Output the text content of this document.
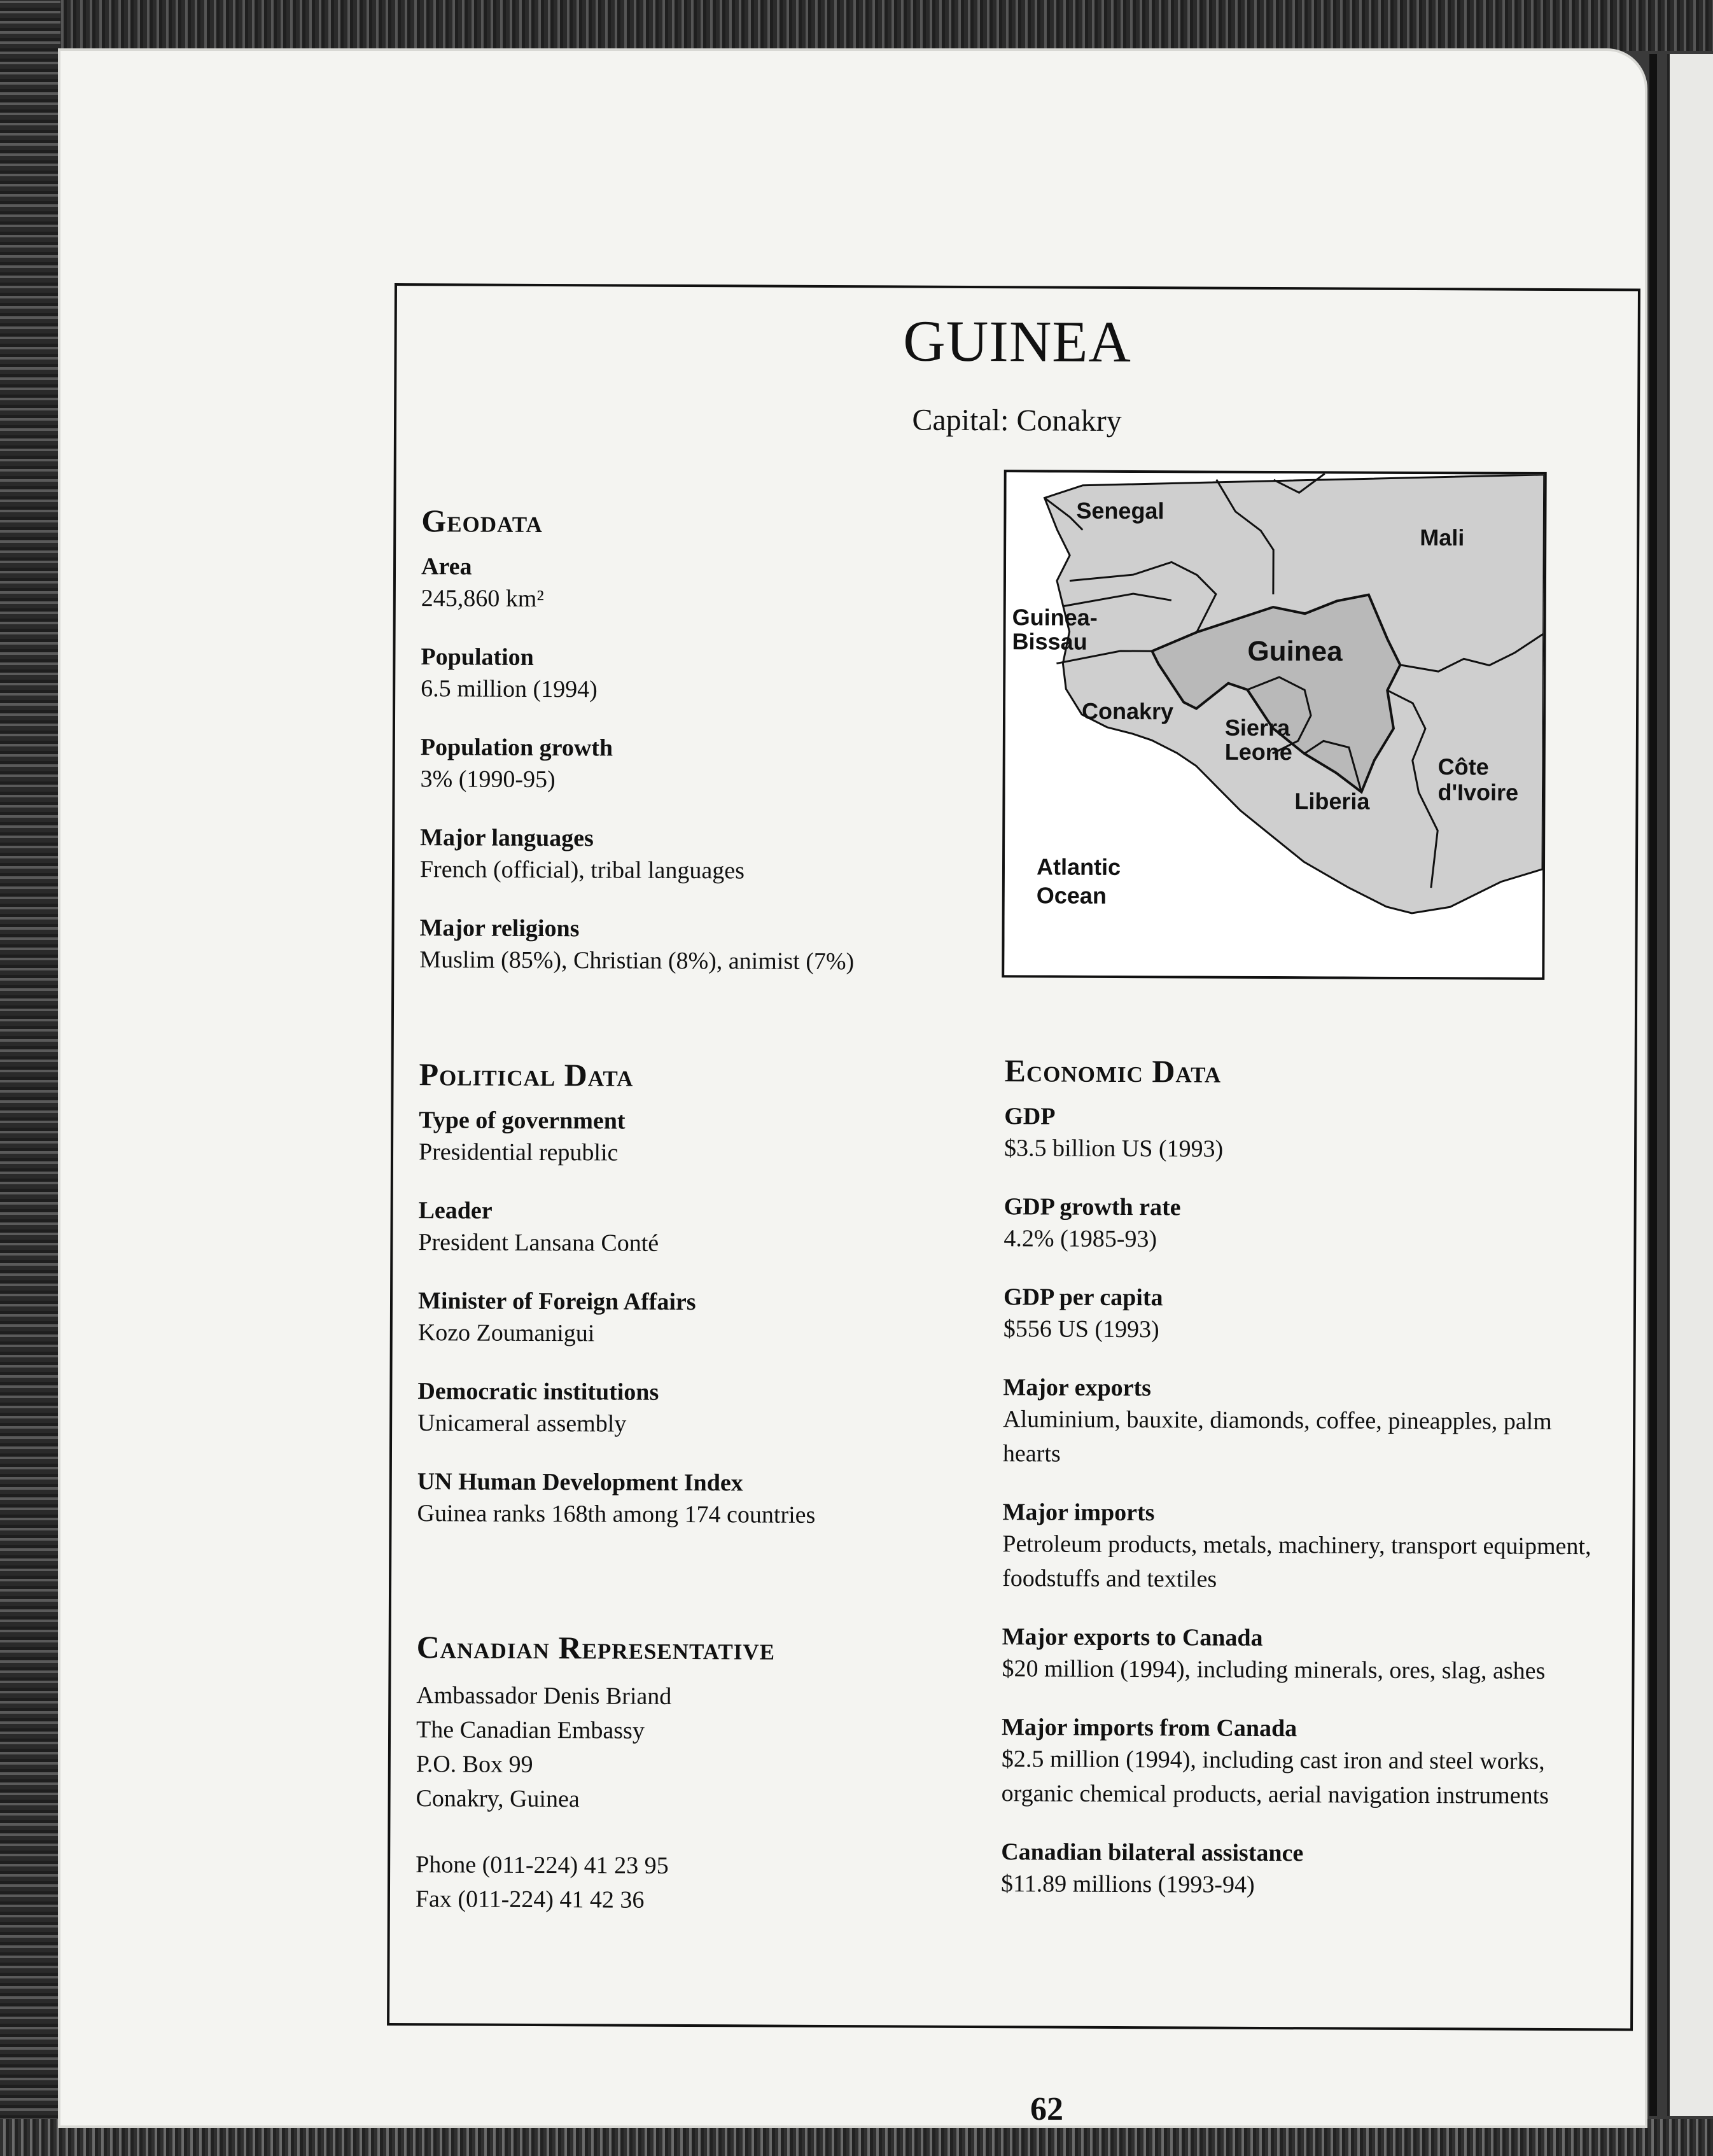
GUINEA
Capital: Conakry
Geodata
Area
245,860 km²
Population
6.5 million (1994)
Population growth
3% (1990-95)
Major languages
French (official), tribal languages
Major religions
Muslim (85%), Christian (8%), animist (7%)
Senegal
Mali
Guinea-
Bissau	Guinea
Conakry
Sierra
Leone
Liberia
Côte
d'Ivoire
Atlantic
Ocean
Political Data
Type of government
Presidential republic
Leader
President Lansana Conté
Minister of Foreign Affairs
Kozo Zoumanigui
Democratic institutions
Unicameral assembly
UN Human Development Index
Guinea ranks 168th among 174 countries
Canadian Representative
Ambassador Denis Briand
The Canadian Embassy
P.O. Box 99
Conakry, Guinea
Phone (011-224) 41 23 95
Fax (011-224) 41 42 36
Economic Data
GDP
$3.5 billion US (1993)
GDP growth rate
4.2% (1985-93)
GDP per capita
$556 US (1993)
Major exports
Aluminium, bauxite, diamonds, coffee, pineapples, palm hearts
Major imports
Petroleum products, metals, machinery, transport equipment, foodstuffs and textiles
Major exports to Canada
$20 million (1994), including minerals, ores, slag, ashes
Major imports from Canada
$2.5 million (1994), including cast iron and steel works, organic chemical products, aerial navigation instruments
Canadian bilateral assistance
$11.89 millions (1993-94)
62
